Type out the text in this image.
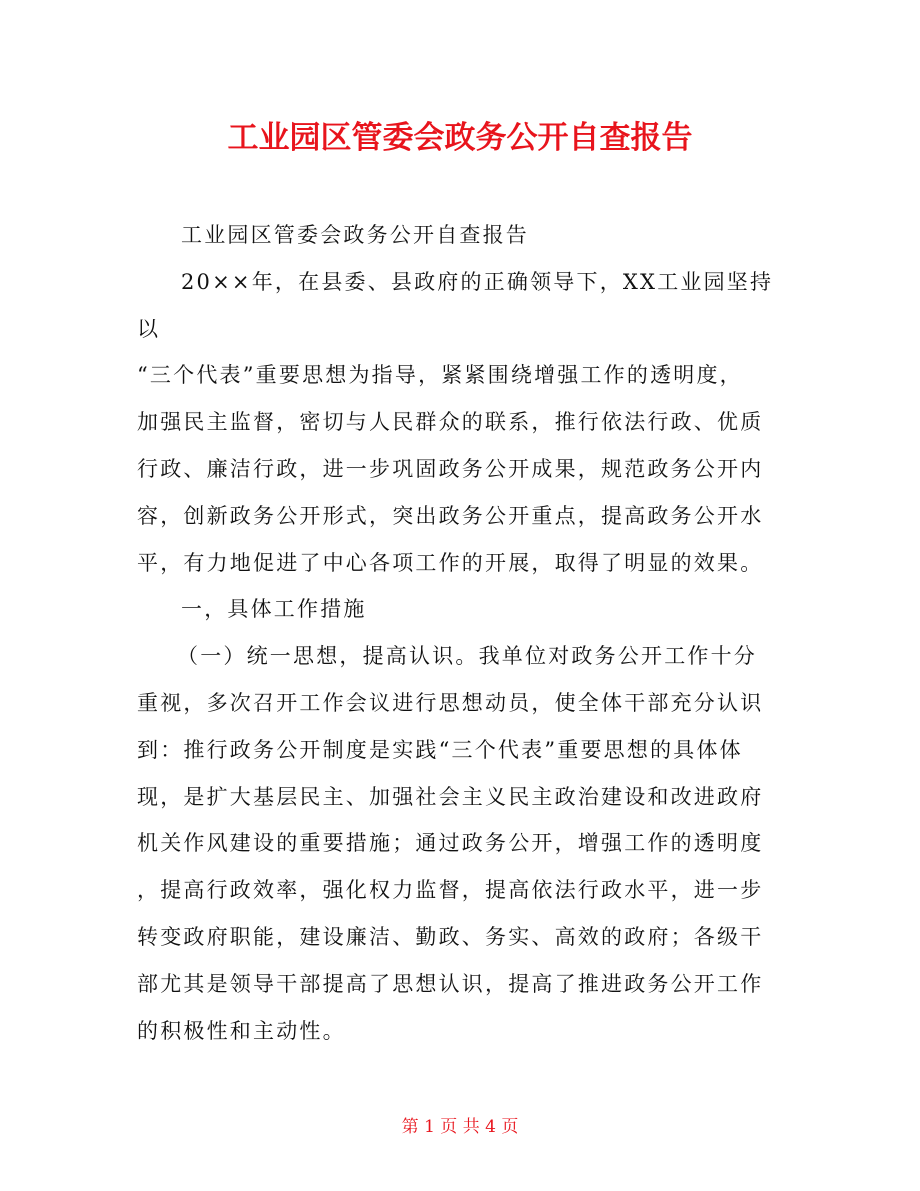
工业园区管委会政务公开自查报告
工业园区管委会政务公开自查报告
20××年，在县委、县政府的正确领导下，XX工业园坚持
以
“三个代表”重要思想为指导，紧紧围绕增强工作的透明度，
加强民主监督，密切与人民群众的联系，推行依法行政、优质
行政、廉洁行政，进一步巩固政务公开成果，规范政务公开内
容，创新政务公开形式，突出政务公开重点，提高政务公开水
平，有力地促进了中心各项工作的开展，取得了明显的效果。
一，具体工作措施
（一）统一思想，提高认识。我单位对政务公开工作十分
重视，多次召开工作会议进行思想动员，使全体干部充分认识
到：推行政务公开制度是实践“三个代表”重要思想的具体体
现，是扩大基层民主、加强社会主义民主政治建设和改进政府
机关作风建设的重要措施；通过政务公开，增强工作的透明度
，提高行政效率，强化权力监督，提高依法行政水平，进一步
转变政府职能，建设廉洁、勤政、务实、高效的政府；各级干
部尤其是领导干部提高了思想认识，提高了推进政务公开工作
的积极性和主动性。
第 1 页 共 4 页
